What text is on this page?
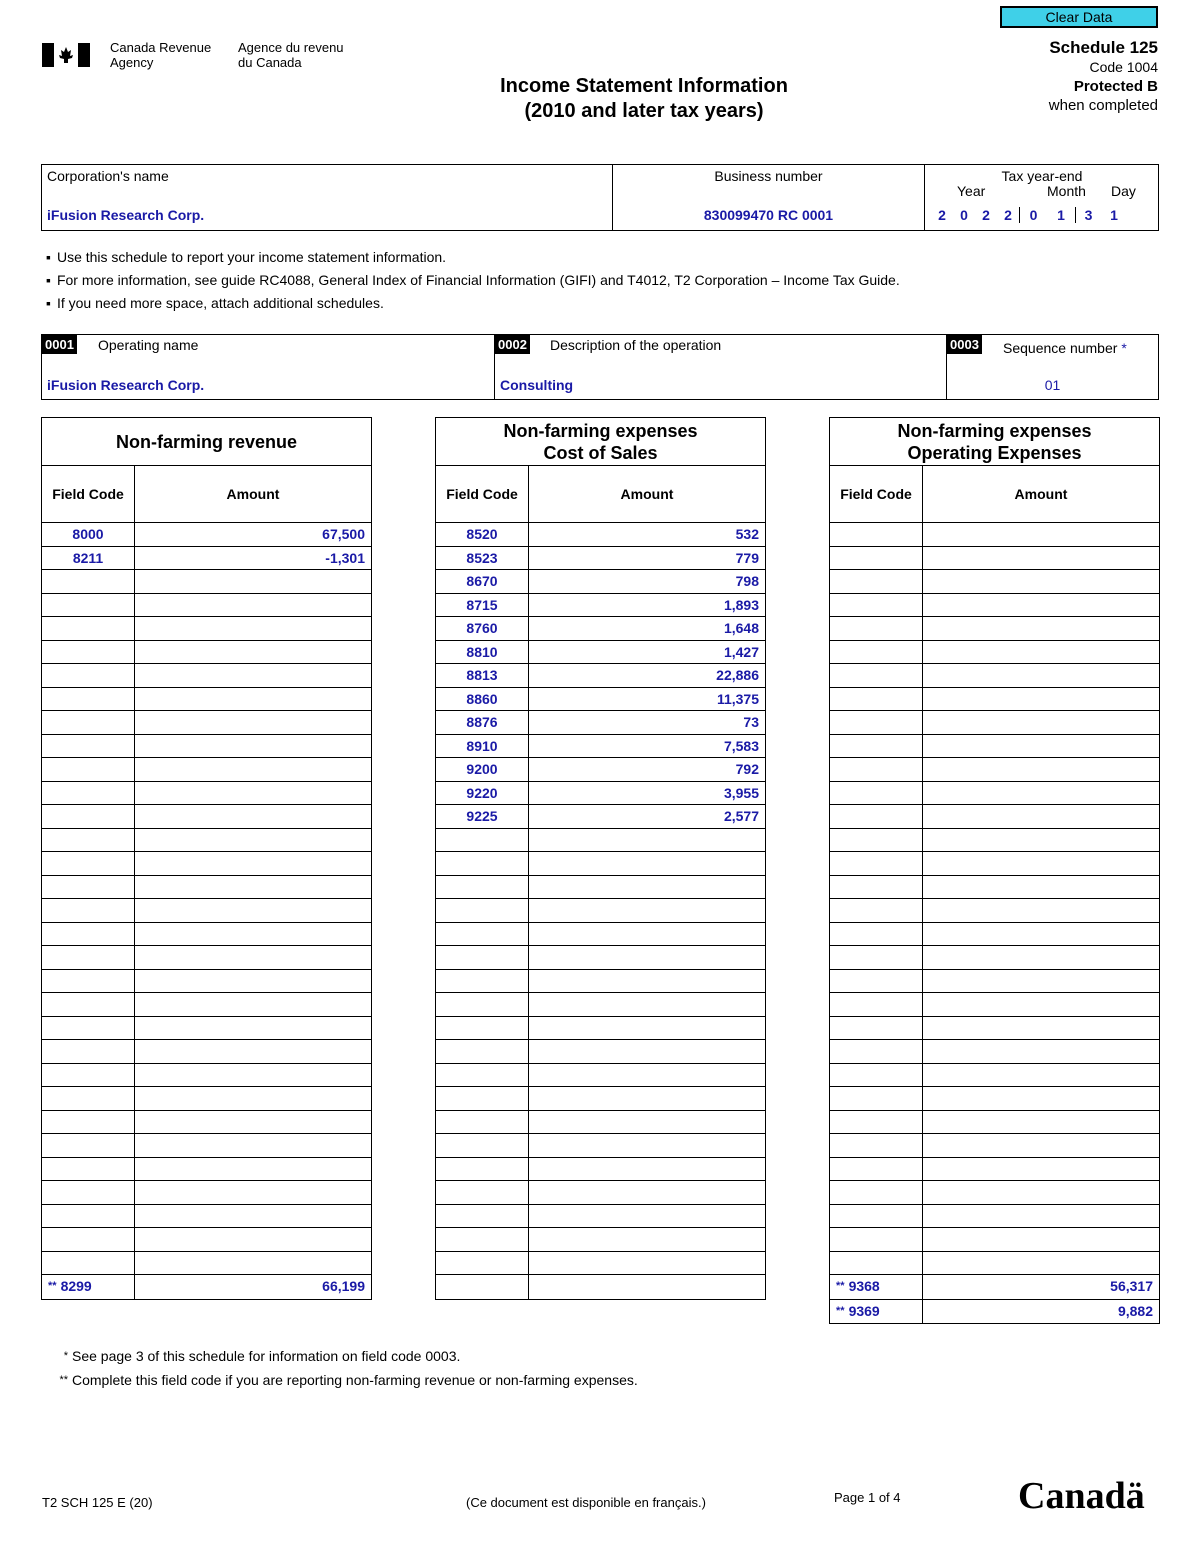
Clear Data
Canada Revenue
Agency
Agence du revenu
du Canada
Income Statement Information
(2010 and later tax years)
Schedule 125
Code 1004
Protected B
when completed
Corporation's name
iFusion Research Corp.
Business number
830099470 RC 0001
Tax year-end
Year	Month Day
2	0	2	2	0	1	3	1
▪ Use this schedule to report your income statement information.
▪ For more information, see guide RC4088, General Index of Financial Information (GIFI) and T4012, T2 Corporation – Income Tax Guide.
▪ If you need more space, attach additional schedules.
0001 Operating name
iFusion Research Corp.
0002 Description of the operation
Consulting
0003 Sequence number *
01
Non-farming revenue
Field Code	Amount
8000	67,500
8211	-1,301
** 8299	66,199
Non-farming expenses
Cost of Sales
Field Code	Amount
8520	532
8523	779
8670	798
8715	1,893
8760	1,648
8810	1,427
8813	22,886
8860	11,375
8876	73
8910	7,583
9200	792
9220	3,955
9225	2,577
Non-farming expenses
Operating Expenses
Field Code	Amount
** 9368	56,317
** 9369	9,882
* See page 3 of this schedule for information on field code 0003.
** Complete this field code if you are reporting non-farming revenue or non-farming expenses.
T2 SCH 125 E (20)	(Ce document est disponible en français.)	Page 1 of 4	Canadä
